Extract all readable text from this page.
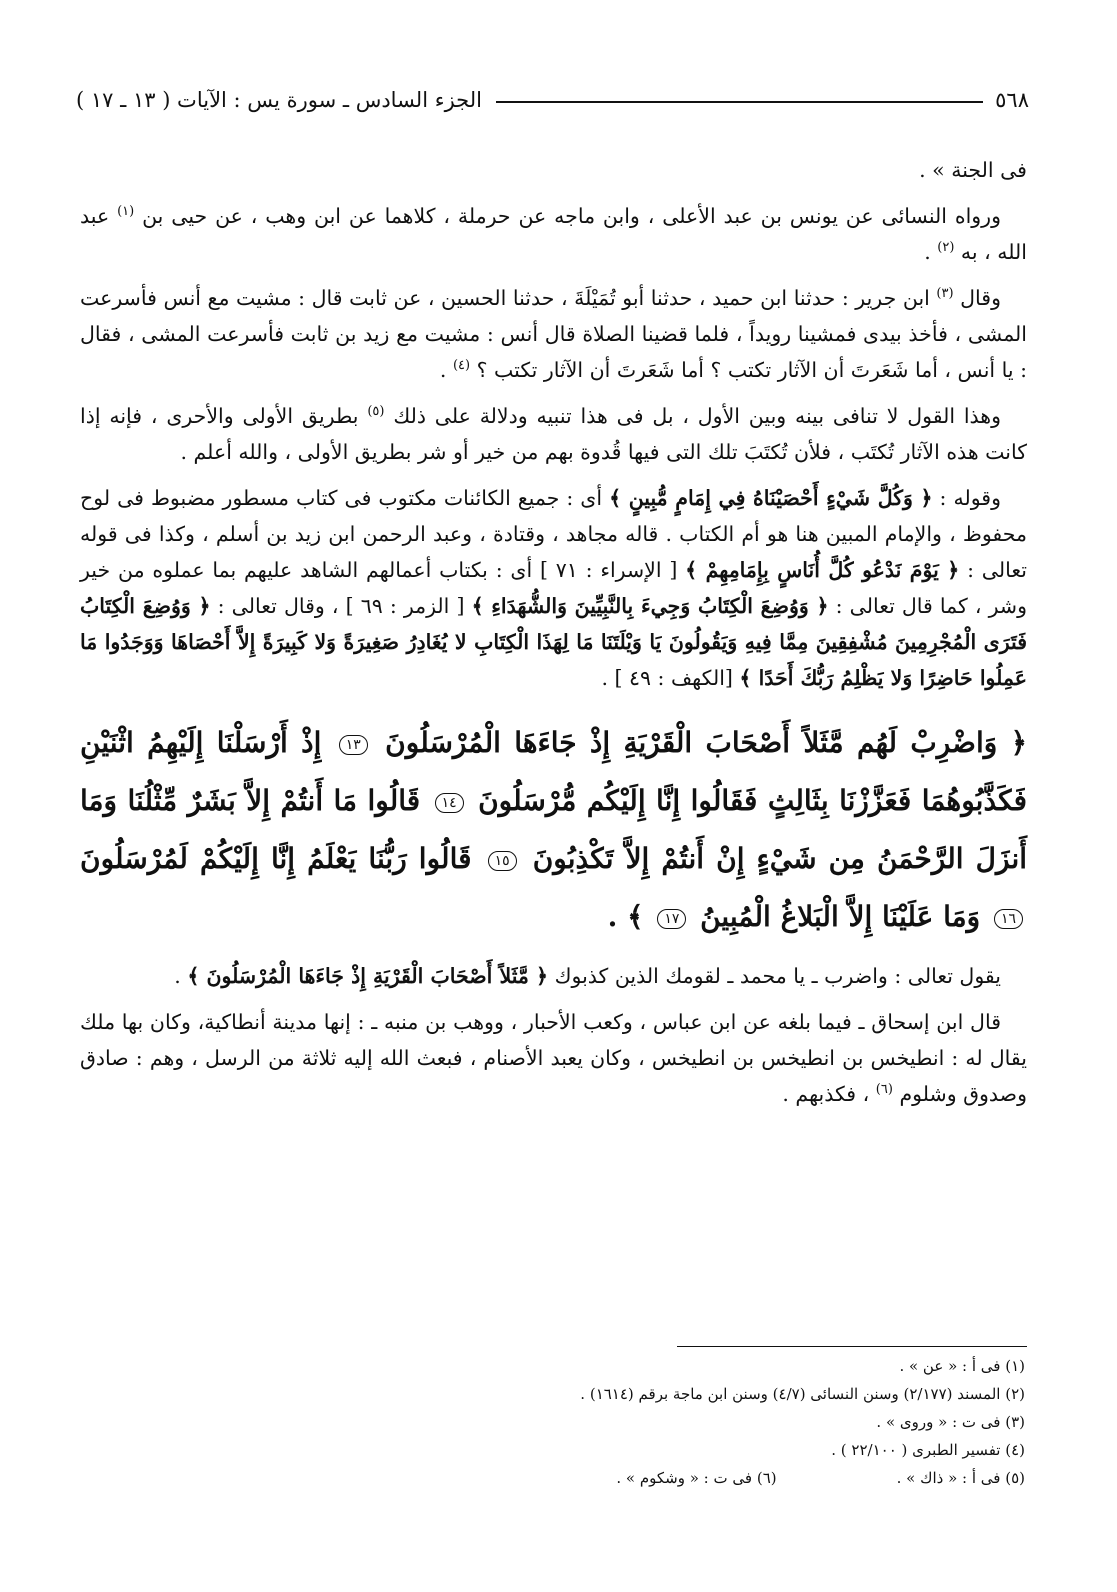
٥٦٨
الجزء السادس ـ سورة يس : الآيات ( ١٣ ـ ١٧ )

فى الجنة » .

ورواه النسائى عن يونس بن عبد الأعلى ، وابن ماجه عن حرملة ، كلاهما عن ابن وهب ، عن حيى بن $^{(١)}$ عبد الله ، به $^{(٢)}$ .

وقال $^{(٣)}$ ابن جرير : حدثنا ابن حميد ، حدثنا أبو تُمَيْلَةَ ، حدثنا الحسين ، عن ثابت قال : مشيت مع أنس فأسرعت المشى ، فأخذ بيدى فمشينا رويداً ، فلما قضينا الصلاة قال أنس : مشيت مع زيد بن ثابت فأسرعت المشى ، فقال : يا أنس ، أما شَعَرتَ أن الآثار تكتب ؟ أما شَعَرتَ أن الآثار تكتب ؟ $^{(٤)}$ .

وهذا القول لا تنافى بينه وبين الأول ، بل فى هذا تنبيه ودلالة على ذلك $^{(٥)}$ بطريق الأولى والأحرى ، فإنه إذا كانت هذه الآثار تُكتَب ، فلأن تُكتَبَ تلك التى فيها قُدوة بهم من خير أو شر بطريق الأولى ، والله أعلم .

وقوله : ﴿ وَكُلَّ شَيْءٍ أَحْصَيْنَاهُ فِي إِمَامٍ مُّبِينٍ ﴾ أى : جميع الكائنات مكتوب فى كتاب مسطور مضبوط فى لوح محفوظ ، والإمام المبين هنا هو أم الكتاب . قاله مجاهد ، وقتادة ، وعبد الرحمن ابن زيد بن أسلم ، وكذا فى قوله تعالى : ﴿ يَوْمَ نَدْعُو كُلَّ أُنَاسٍ بِإِمَامِهِمْ ﴾ [ الإسراء : ٧١ ] أى : بكتاب أعمالهم الشاهد عليهم بما عملوه من خير وشر ، كما قال تعالى : ﴿ وَوُضِعَ الْكِتَابُ وَجِيءَ بِالنَّبِيِّينَ وَالشُّهَدَاءِ ﴾ [ الزمر : ٦٩ ] ، وقال تعالى : ﴿ وَوُضِعَ الْكِتَابُ فَتَرَى الْمُجْرِمِينَ مُشْفِقِينَ مِمَّا فِيهِ وَيَقُولُونَ يَا وَيْلَتَنَا مَا لِهَذَا الْكِتَابِ لا يُغَادِرُ صَغِيرَةً وَلا كَبِيرَةً إِلاَّ أَحْصَاهَا وَوَجَدُوا مَا عَمِلُوا حَاضِرًا وَلا يَظْلِمُ رَبُّكَ أَحَدًا ﴾ [الكهف : ٤٩ ] .

﴿ وَاضْرِبْ لَهُم مَّثَلاً أَصْحَابَ الْقَرْيَةِ إِذْ جَاءَهَا الْمُرْسَلُونَ ١٣ إِذْ أَرْسَلْنَا إِلَيْهِمُ اثْنَيْنِ فَكَذَّبُوهُمَا فَعَزَّزْنَا بِثَالِثٍ فَقَالُوا إِنَّا إِلَيْكُم مُّرْسَلُونَ ١٤ قَالُوا مَا أَنتُمْ إِلاَّ بَشَرٌ مِّثْلُنَا وَمَا أَنزَلَ الرَّحْمَنُ مِن شَيْءٍ إِنْ أَنتُمْ إِلاَّ تَكْذِبُونَ ١٥ قَالُوا رَبُّنَا يَعْلَمُ إِنَّا إِلَيْكُمْ لَمُرْسَلُونَ ١٦ وَمَا عَلَيْنَا إِلاَّ الْبَلاغُ الْمُبِينُ ١٧ ﴾ .

يقول تعالى : واضرب ـ يا محمد ـ لقومك الذين كذبوك ﴿ مَّثَلاً أَصْحَابَ الْقَرْيَةِ إِذْ جَاءَهَا الْمُرْسَلُونَ ﴾ .

قال ابن إسحاق ـ فيما بلغه عن ابن عباس ، وكعب الأحبار ، ووهب بن منبه ـ : إنها مدينة أنطاكية، وكان بها ملك يقال له : انطيخس بن انطيخس بن انطيخس ، وكان يعبد الأصنام ، فبعث الله إليه ثلاثة من الرسل ، وهم : صادق وصدوق وشلوم $^{(٦)}$ ، فكذبهم .

(١) فى أ : « عن » .
(٢) المسند (٢/١٧٧) وسنن النسائى (٤/٧) وسنن ابن ماجة برقم (١٦١٤) .
(٣) فى ت : « وروى » .
(٤) تفسير الطبرى ( ٢٢/١٠٠ ) .
(٥) فى أ : « ذاك » .
(٦) فى ت : « وشكوم » .
